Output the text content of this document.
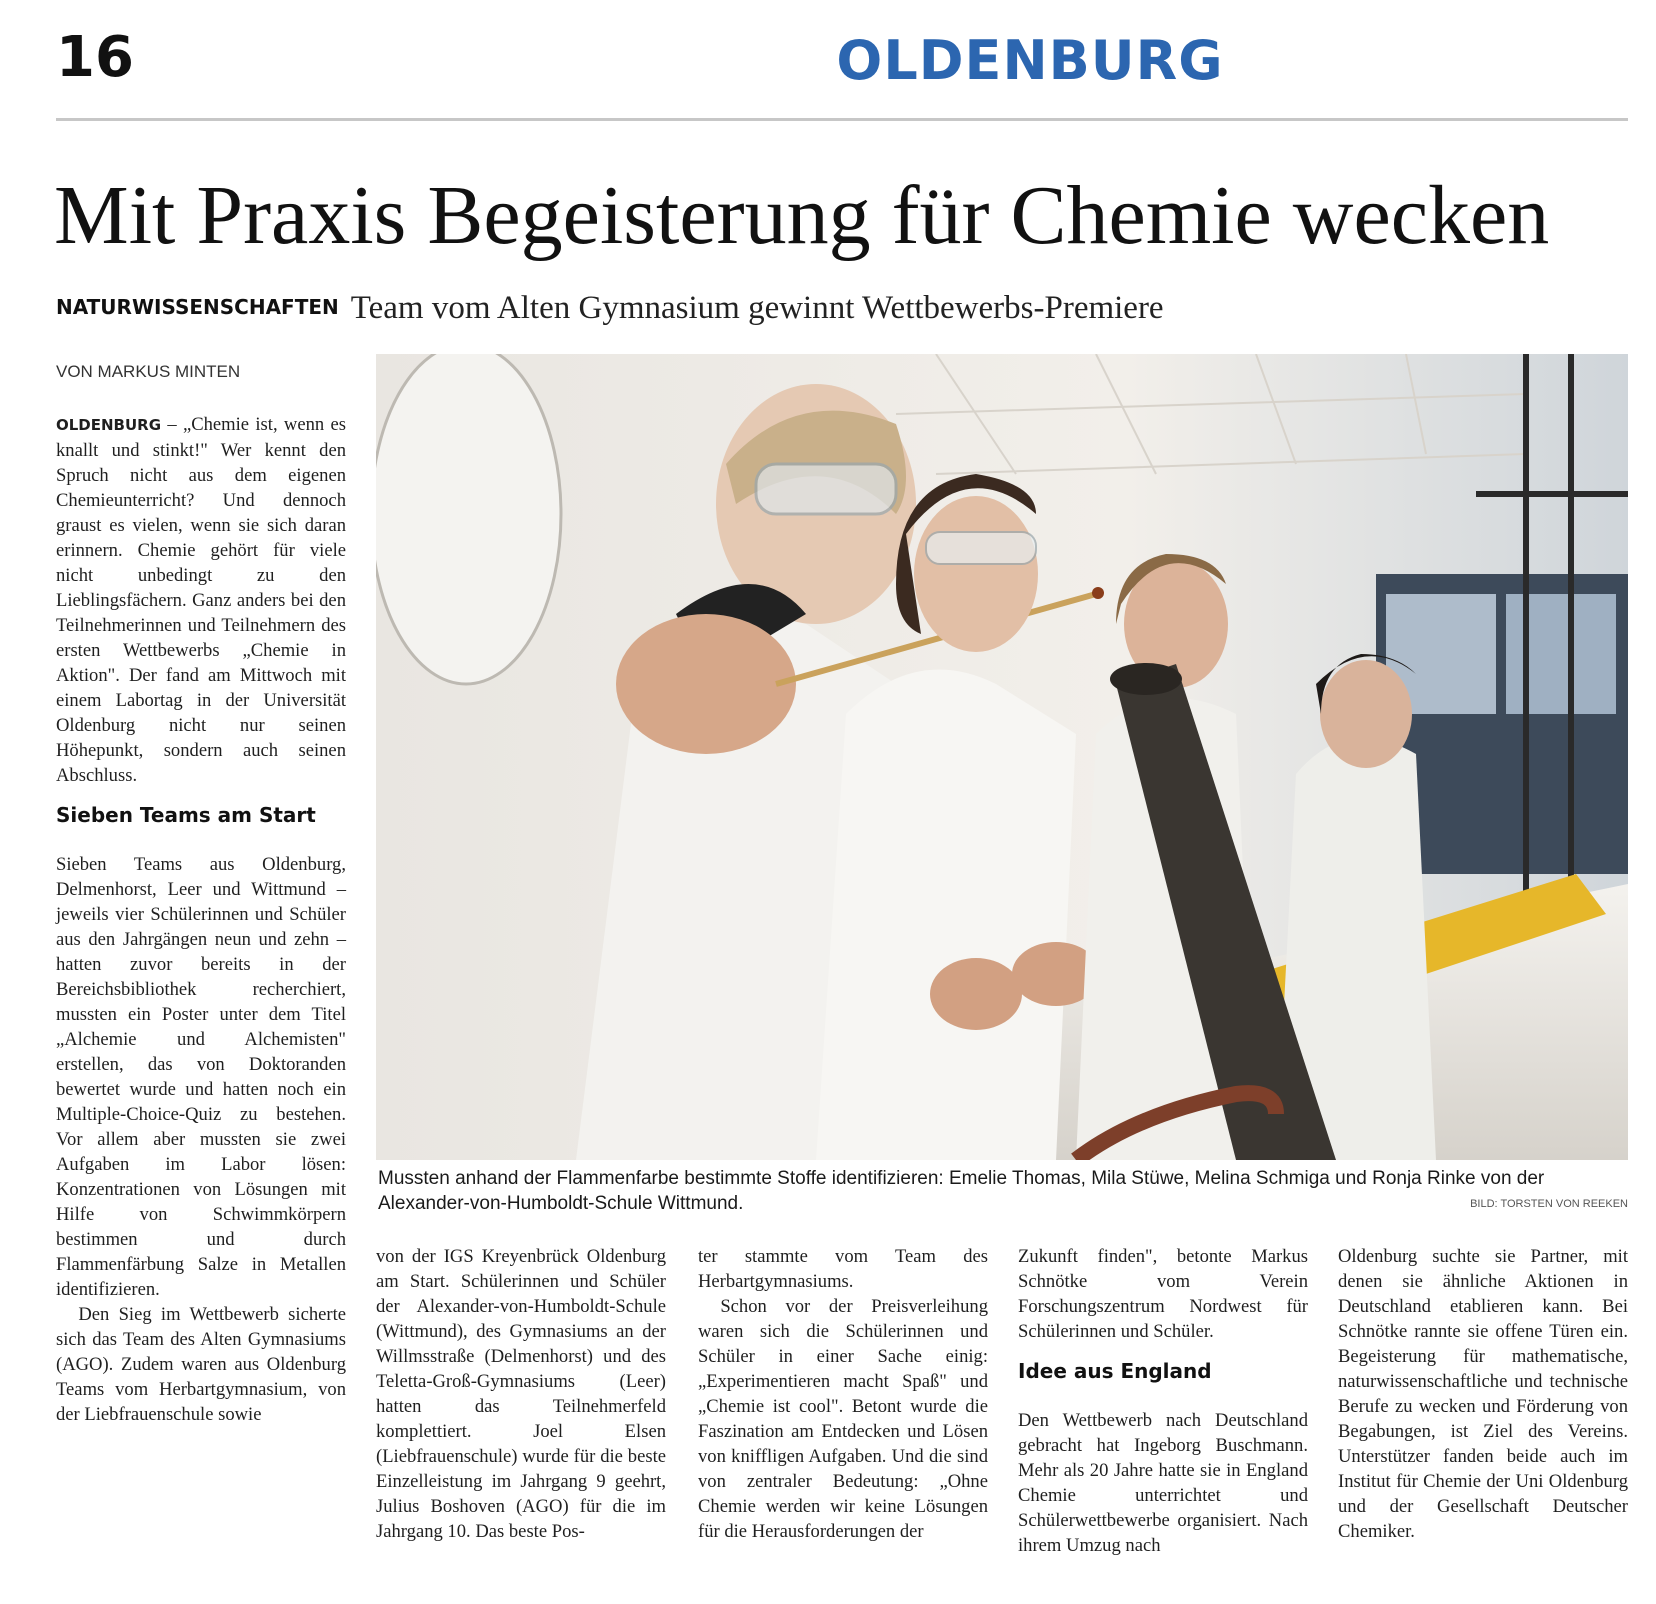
16	OLDENBURG
Mit Praxis Begeisterung für Chemie wecken
NATURWISSENSCHAFTEN Team vom Alten Gymnasium gewinnt Wettbewerbs-Premiere
VON MARKUS MINTEN

OLDENBURG – „Chemie ist, wenn es knallt und stinkt!" Wer kennt den Spruch nicht aus dem eigenen Chemieunterricht? Und dennoch graust es vielen, wenn sie sich daran erinnern. Chemie gehört für viele nicht unbedingt zu den Lieblingsfächern. Ganz anders bei den Teilnehmerinnen und Teilnehmern des ersten Wettbewerbs „Chemie in Aktion". Der fand am Mittwoch mit einem Labortag in der Universität Oldenburg nicht nur seinen Höhepunkt, sondern auch seinen Abschluss.

Sieben Teams am Start

Sieben Teams aus Oldenburg, Delmenhorst, Leer und Wittmund – jeweils vier Schülerinnen und Schüler aus den Jahrgängen neun und zehn – hatten zuvor bereits in der Bereichsbibliothek recherchiert, mussten ein Poster unter dem Titel „Alchemie und Alchemisten" erstellen, das von Doktoranden bewertet wurde und hatten noch ein Multiple-Choice-Quiz zu bestehen. Vor allem aber mussten sie zwei Aufgaben im Labor lösen: Konzentrationen von Lösungen mit Hilfe von Schwimmkörpern bestimmen und durch Flammenfärbung Salze in Metallen identifizieren.

Den Sieg im Wettbewerb sicherte sich das Team des Alten Gymnasiums (AGO). Zudem waren aus Oldenburg Teams vom Herbartgymnasium, von der Liebfrauenschule sowie

Mussten anhand der Flammenfarbe bestimmte Stoffe identifizieren: Emelie Thomas, Mila Stüwe, Melina Schmiga und Ronja Rinke von der Alexander-von-Humboldt-Schule Wittmund.	BILD: TORSTEN VON REEKEN

von der IGS Kreyenbrück Oldenburg am Start. Schülerinnen und Schüler der Alexander-von-Humboldt-Schule (Wittmund), des Gymnasiums an der Willmsstraße (Delmenhorst) und des Teletta-Groß-Gymnasiums (Leer) hatten das Teilnehmerfeld komplettiert. Joel Elsen (Liebfrauenschule) wurde für die beste Einzelleistung im Jahrgang 9 geehrt, Julius Boshoven (AGO) für die im Jahrgang 10. Das beste Pos-

ter stammte vom Team des Herbartgymnasiums.

Schon vor der Preisverleihung waren sich die Schülerinnen und Schüler in einer Sache einig: „Experimentieren macht Spaß" und „Chemie ist cool". Betont wurde die Faszination am Entdecken und Lösen von kniffligen Aufgaben. Und die sind von zentraler Bedeutung: „Ohne Chemie werden wir keine Lösungen für die Herausforderungen der

Zukunft finden", betonte Markus Schnötke vom Verein Forschungszentrum Nordwest für Schülerinnen und Schüler.

Idee aus England

Den Wettbewerb nach Deutschland gebracht hat Ingeborg Buschmann. Mehr als 20 Jahre hatte sie in England Chemie unterrichtet und Schülerwettbewerbe organisiert. Nach ihrem Umzug nach

Oldenburg suchte sie Partner, mit denen sie ähnliche Aktionen in Deutschland etablieren kann. Bei Schnötke rannte sie offene Türen ein. Begeisterung für mathematische, naturwissenschaftliche und technische Berufe zu wecken und Förderung von Begabungen, ist Ziel des Vereins. Unterstützer fanden beide auch im Institut für Chemie der Uni Oldenburg und der Gesellschaft Deutscher Chemiker.
